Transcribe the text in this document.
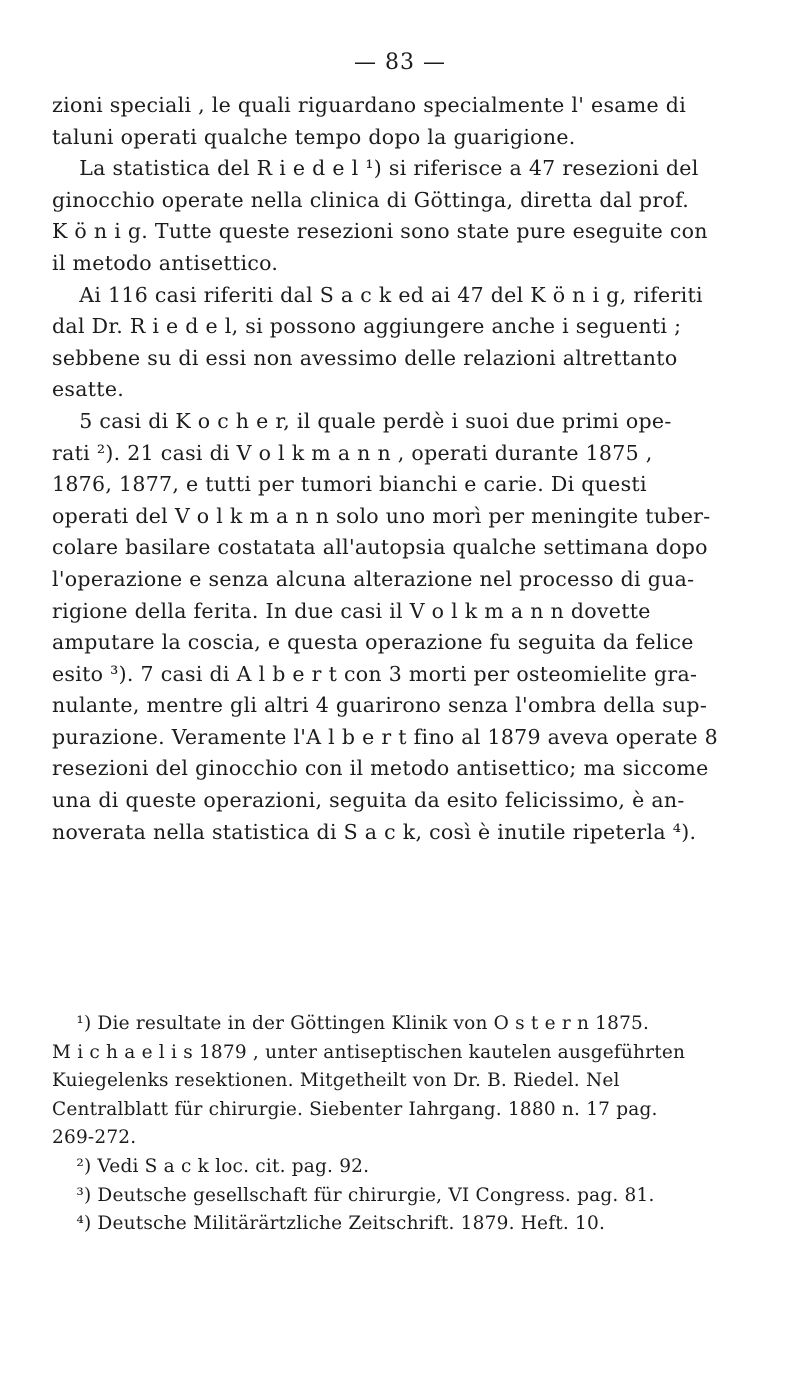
— 83 —
zioni speciali , le quali riguardano specialmente l' esame di
taluni operati qualche tempo dopo la guarigione.
La statistica del R i e d e l ¹) si riferisce a 47 resezioni del
ginocchio operate nella clinica di Göttinga, diretta dal prof.
K ö n i g. Tutte queste resezioni sono state pure eseguite con
il metodo antisettico.
Ai 116 casi riferiti dal S a c k ed ai 47 del K ö n i g, riferiti
dal Dr. R i e d e l, si possono aggiungere anche i seguenti ;
sebbene su di essi non avessimo delle relazioni altrettanto
esatte.
5 casi di K o c h e r, il quale perdè i suoi due primi ope-
rati ²). 21 casi di V o l k m a n n , operati durante 1875 ,
1876, 1877, e tutti per tumori bianchi e carie. Di questi
operati del V o l k m a n n solo uno morì per meningite tuber-
colare basilare costatata all'autopsia qualche settimana dopo
l'operazione e senza alcuna alterazione nel processo di gua-
rigione della ferita. In due casi il V o l k m a n n dovette
amputare la coscia, e questa operazione fu seguita da felice
esito ³). 7 casi di A l b e r t con 3 morti per osteomielite gra-
nulante, mentre gli altri 4 guarirono senza l'ombra della sup-
purazione. Veramente l'A l b e r t fino al 1879 aveva operate 8
resezioni del ginocchio con il metodo antisettico; ma siccome
una di queste operazioni, seguita da esito felicissimo, è an-
noverata nella statistica di S a c k, così è inutile ripeterla ⁴).
¹) Die resultate in der Göttingen Klinik von O s t e r n 1875.
M i c h a e l i s 1879 , unter antiseptischen kautelen ausgeführten
Kuiegelenks resektionen. Mitgetheilt von Dr. B. Riedel. Nel
Centralblatt für chirurgie. Siebenter Iahrgang. 1880 n. 17 pag.
269-272.
²) Vedi S a c k loc. cit. pag. 92.
³) Deutsche gesellschaft für chirurgie, VI Congress. pag. 81.
⁴) Deutsche Militärärtzliche Zeitschrift. 1879. Heft. 10.
